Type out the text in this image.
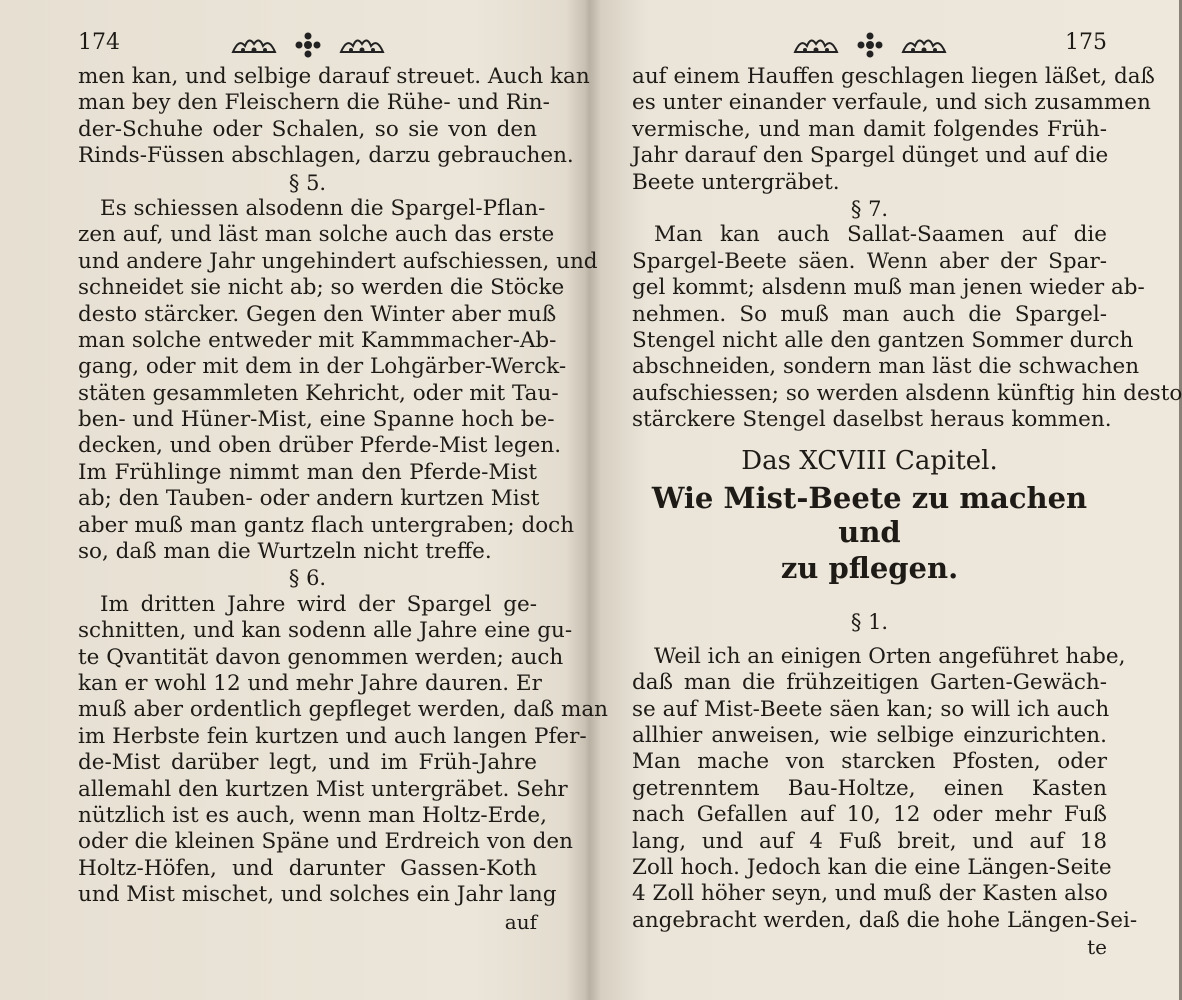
174
men kan, und selbige darauf streuet. Auch kan
man bey den Fleischern die Rühe- und Rin-
der-Schuhe oder Schalen, so sie von den
Rinds-Füssen abschlagen, darzu gebrauchen.
§ 5.
Es schiessen alsodenn die Spargel-Pflan-
zen auf, und läst man solche auch das erste
und andere Jahr ungehindert aufschiessen, und
schneidet sie nicht ab; so werden die Stöcke
desto stärcker. Gegen den Winter aber muß
man solche entweder mit Kammmacher-Ab-
gang, oder mit dem in der Lohgärber-Werck-
stäten gesammleten Kehricht, oder mit Tau-
ben- und Hüner-Mist, eine Spanne hoch be-
decken, und oben drüber Pferde-Mist legen.
Im Frühlinge nimmt man den Pferde-Mist
ab; den Tauben- oder andern kurtzen Mist
aber muß man gantz flach untergraben; doch
so, daß man die Wurtzeln nicht treffe.
§ 6.
Im dritten Jahre wird der Spargel ge-
schnitten, und kan sodenn alle Jahre eine gu-
te Qvantität davon genommen werden; auch
kan er wohl 12 und mehr Jahre dauren. Er
muß aber ordentlich gepfleget werden, daß man
im Herbste fein kurtzen und auch langen Pfer-
de-Mist darüber legt, und im Früh-Jahre
allemahl den kurtzen Mist untergräbet. Sehr
nützlich ist es auch, wenn man Holtz-Erde,
oder die kleinen Späne und Erdreich von den
Holtz-Höfen, und darunter Gassen-Koth
und Mist mischet, und solches ein Jahr lang
auf
175
auf einem Hauffen geschlagen liegen läßet, daß
es unter einander verfaule, und sich zusammen
vermische, und man damit folgendes Früh-
Jahr darauf den Spargel dünget und auf die
Beete untergräbet.
§ 7.
Man kan auch Sallat-Saamen auf die
Spargel-Beete säen. Wenn aber der Spar-
gel kommt; alsdenn muß man jenen wieder ab-
nehmen. So muß man auch die Spargel-
Stengel nicht alle den gantzen Sommer durch
abschneiden, sondern man läst die schwachen
aufschiessen; so werden alsdenn künftig hin desto
stärckere Stengel daselbst heraus kommen.
Das XCVIII Capitel.
Wie Mist-Beete zu machen und
zu pflegen.
§ 1.
Weil ich an einigen Orten angeführet habe,
daß man die frühzeitigen Garten-Gewäch-
se auf Mist-Beete säen kan; so will ich auch
allhier anweisen, wie selbige einzurichten.
Man mache von starcken Pfosten, oder
getrenntem Bau-Holtze, einen Kasten
nach Gefallen auf 10, 12 oder mehr Fuß
lang, und auf 4 Fuß breit, und auf 18
Zoll hoch. Jedoch kan die eine Längen-Seite
4 Zoll höher seyn, und muß der Kasten also
angebracht werden, daß die hohe Längen-Sei-
te
